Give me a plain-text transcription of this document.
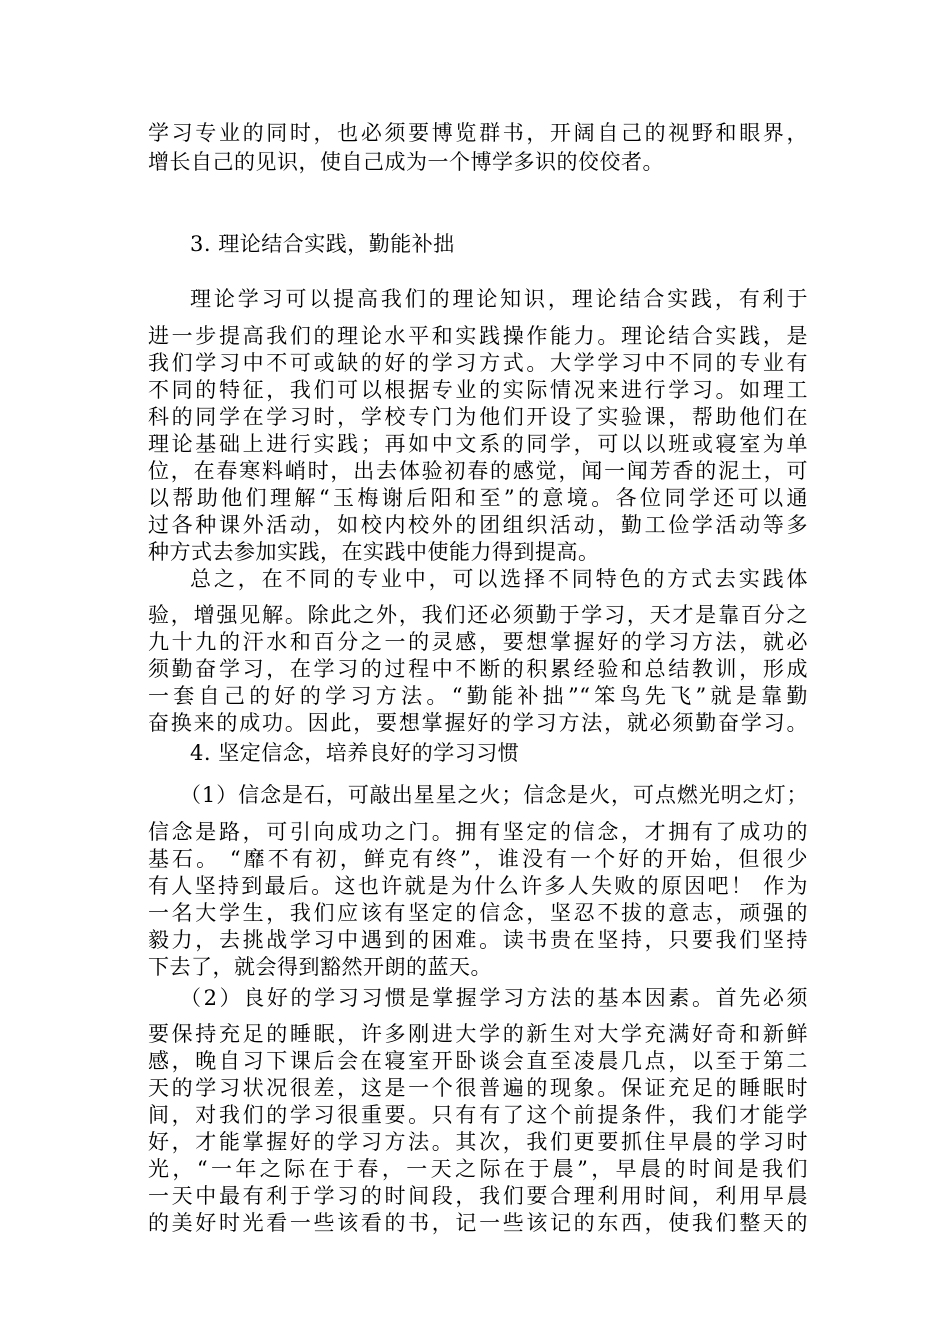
学习专业的同时，也必须要博览群书，开阔自己的视野和眼界，
增长自己的见识，使自己成为一个博学多识的佼佼者。
3. 理论结合实践，勤能补拙
理论学习可以提高我们的理论知识，理论结合实践，有利于
进一步提高我们的理论水平和实践操作能力。理论结合实践，是
我们学习中不可或缺的好的学习方式。大学学习中不同的专业有
不同的特征，我们可以根据专业的实际情况来进行学习。如理工
科的同学在学习时，学校专门为他们开设了实验课，帮助他们在
理论基础上进行实践；再如中文系的同学，可以以班或寝室为单
位，在春寒料峭时，出去体验初春的感觉，闻一闻芳香的泥土，可
以帮助他们理解“玉梅谢后阳和至”的意境。各位同学还可以通
过各种课外活动，如校内校外的团组织活动，勤工俭学活动等多
种方式去参加实践，在实践中使能力得到提高。
总之，在不同的专业中，可以选择不同特色的方式去实践体
验，增强见解。除此之外，我们还必须勤于学习，天才是靠百分之
九十九的汗水和百分之一的灵感，要想掌握好的学习方法，就必
须勤奋学习，在学习的过程中不断的积累经验和总结教训，形成
一套自己的好的学习方法。“勤能补拙”“笨鸟先飞”就是靠勤
奋换来的成功。因此，要想掌握好的学习方法，就必须勤奋学习。
4. 坚定信念，培养良好的学习习惯
（1）信念是石，可敲出星星之火；信念是火，可点燃光明之灯；
信念是路，可引向成功之门。拥有坚定的信念，才拥有了成功的
基石。 “靡不有初，鲜克有终”，谁没有一个好的开始，但很少
有人坚持到最后。这也许就是为什么许多人失败的原因吧！ 作为
一名大学生，我们应该有坚定的信念，坚忍不拔的意志，顽强的
毅力，去挑战学习中遇到的困难。读书贵在坚持，只要我们坚持
下去了，就会得到豁然开朗的蓝天。
（2）良好的学习习惯是掌握学习方法的基本因素。首先必须
要保持充足的睡眠，许多刚进大学的新生对大学充满好奇和新鲜
感，晚自习下课后会在寝室开卧谈会直至凌晨几点，以至于第二
天的学习状况很差，这是一个很普遍的现象。保证充足的睡眠时
间，对我们的学习很重要。只有有了这个前提条件，我们才能学
好，才能掌握好的学习方法。其次，我们更要抓住早晨的学习时
光，“一年之际在于春，一天之际在于晨”，早晨的时间是我们
一天中最有利于学习的时间段，我们要合理利用时间，利用早晨
的美好时光看一些该看的书，记一些该记的东西，使我们整天的
